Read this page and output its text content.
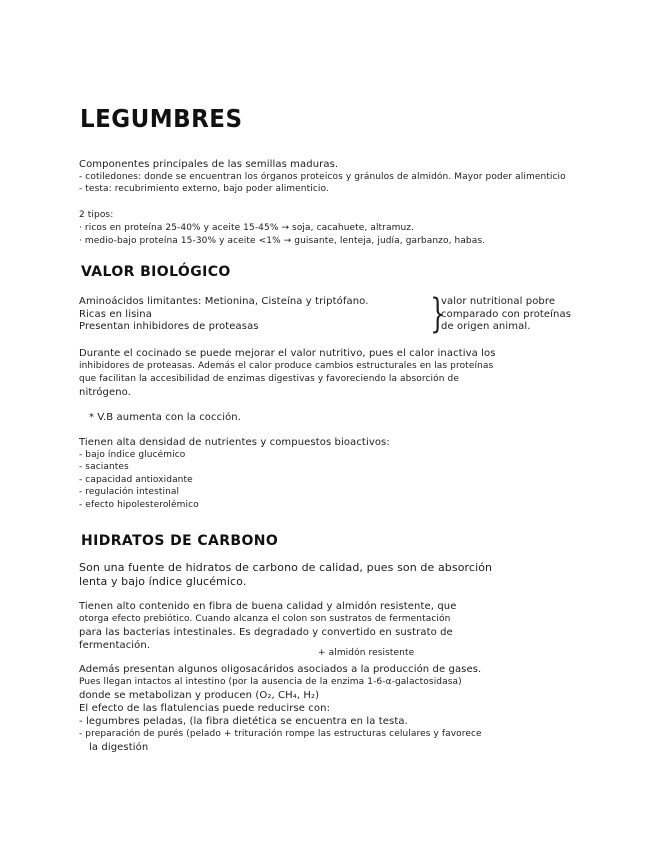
LEGUMBRES
Componentes principales de las semillas maduras.
- cotiledones: donde se encuentran los órganos proteicos y gránulos de almidón. Mayor poder alimenticio
- testa: recubrimiento externo, bajo poder alimenticio.
2 tipos:
· ricos en proteína 25-40% y aceite 15-45% → soja, cacahuete, altramuz.
· medio-bajo proteína 15-30% y aceite <1% → guisante, lenteja, judía, garbanzo, habas.
VALOR BIOLÓGICO
Aminoácidos limitantes: Metionina, Cisteína y triptófano.
Ricas en lisina
Presentan inhibidores de proteasas	}
valor nutritional pobre
comparado con proteínas
de origen animal.
Durante el cocinado se puede mejorar el valor nutritivo, pues el calor inactiva los
inhibidores de proteasas. Además el calor produce cambios estructurales en las proteínas
que facilitan la accesibilidad de enzimas digestivas y favoreciendo la absorción de
nitrógeno.
* V.B aumenta con la cocción.
Tienen alta densidad de nutrientes y compuestos bioactivos:
- bajo índice glucémico
- saciantes
- capacidad antioxidante
- regulación intestinal
- efecto hipolesterolémico
HIDRATOS DE CARBONO
Son una fuente de hidratos de carbono de calidad, pues son de absorción
lenta y bajo índice glucémico.
Tienen alto contenido en fibra de buena calidad y almidón resistente, que
otorga efecto prebiótico. Cuando alcanza el colon son sustratos de fermentación
para las bacterias intestinales. Es degradado y convertido en sustrato de
fermentación.
+ almidón resistente
Además presentan algunos oligosacáridos asociados a la producción de gases.
Pues llegan intactos al intestino (por la ausencia de la enzima 1-6-α-galactosidasa)
donde se metabolizan y producen (O₂, CH₄, H₂)
El efecto de las flatulencias puede reducirse con:
- legumbres peladas, (la fibra dietética se encuentra en la testa.
- preparación de purés (pelado + trituración rompe las estructuras celulares y favorece
la digestión
